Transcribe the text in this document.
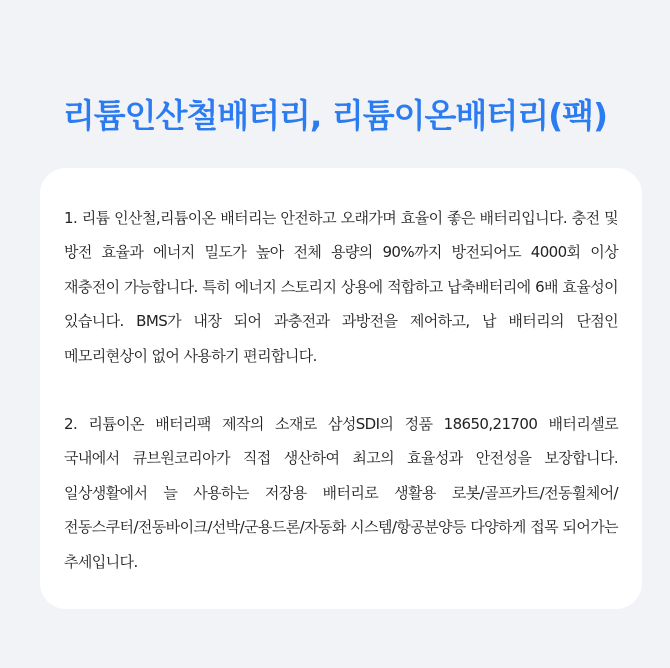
리튬인산철배터리, 리튬이온배터리(팩)

1. 리튬 인산철,리튬이온 배터리는 안전하고 오래가며 효율이 좋은 배터리입니다. 충전 및 방전 효율과 에너지 밀도가 높아 전체 용량의 90%까지 방전되어도 4000회 이상 재충전이 가능합니다. 특히 에너지 스토리지 상용에 적합하고 납축배터리에 6배 효율성이 있습니다. BMS가 내장 되어 과충전과 과방전을 제어하고, 납 배터리의 단점인 메모리현상이 없어 사용하기 편리합니다.

2. 리튬이온 배터리팩 제작의 소재로 삼성SDI의 정품 18650,21700 배터리셀로 국내에서 큐브원코리아가 직접 생산하여 최고의 효율성과 안전성을 보장합니다. 일상생활에서 늘 사용하는 저장용 배터리로 생활용 로봇/골프카트/전동휠체어/전동스쿠터/전동바이크/선박/군용드론/자동화 시스템/항공분양등 다양하게 접목 되어가는 추세입니다.
